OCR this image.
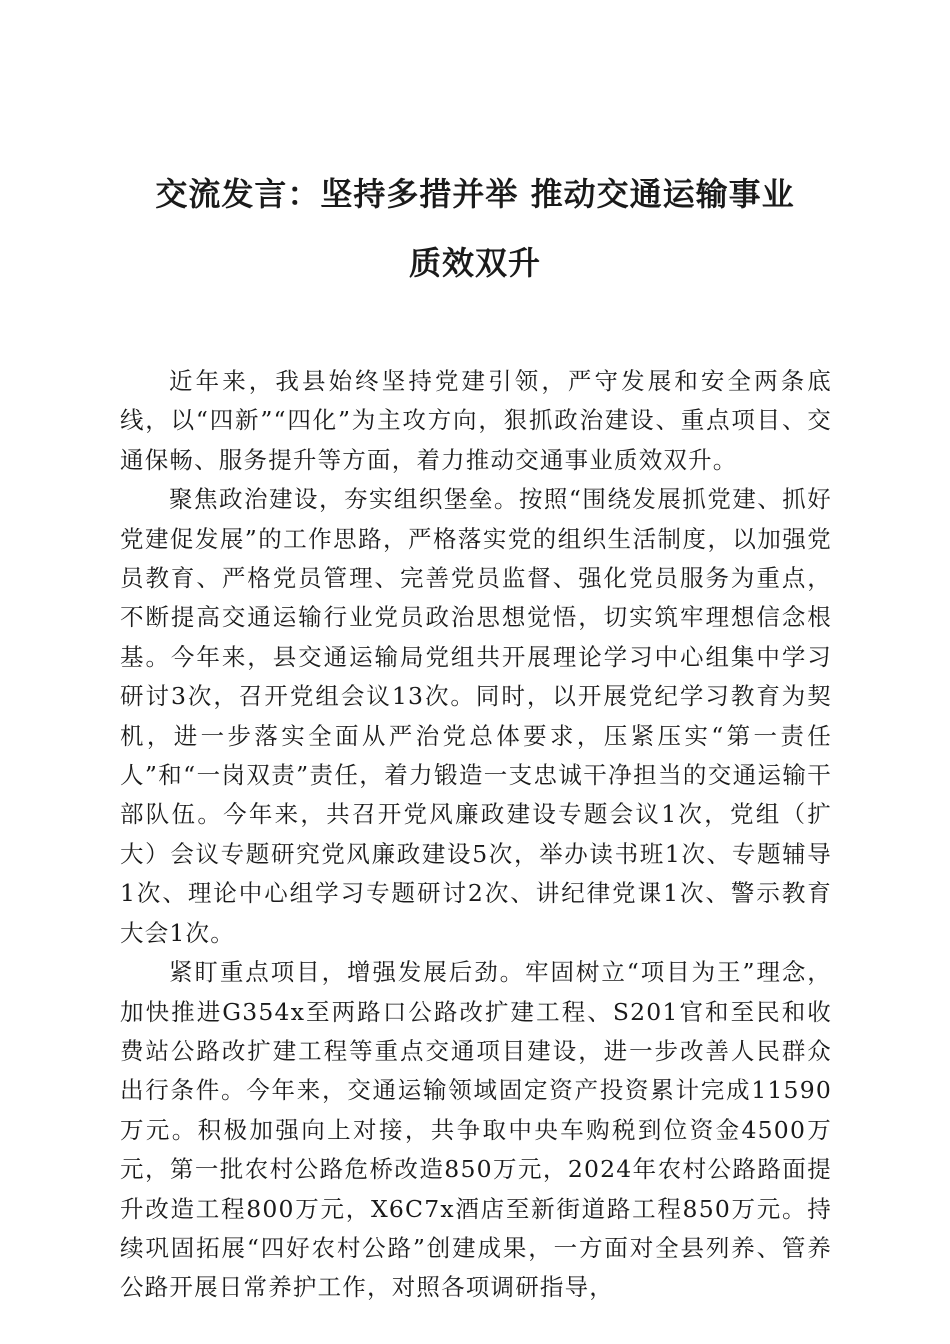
交流发言：坚持多措并举 推动交通运输事业
质效双升

近年来，我县始终坚持党建引领，严守发展和安全两条底线，以“四新”“四化”为主攻方向，狠抓政治建设、重点项目、交通保畅、服务提升等方面，着力推动交通事业质效双升。

聚焦政治建设，夯实组织堡垒。按照“围绕发展抓党建、抓好党建促发展”的工作思路，严格落实党的组织生活制度，以加强党员教育、严格党员管理、完善党员监督、强化党员服务为重点，不断提高交通运输行业党员政治思想觉悟，切实筑牢理想信念根基。今年来，县交通运输局党组共开展理论学习中心组集中学习研讨3次，召开党组会议13次。同时，以开展党纪学习教育为契机，进一步落实全面从严治党总体要求，压紧压实“第一责任人”和“一岗双责”责任，着力锻造一支忠诚干净担当的交通运输干部队伍。今年来，共召开党风廉政建设专题会议1次，党组（扩大）会议专题研究党风廉政建设5次，举办读书班1次、专题辅导1次、理论中心组学习专题研讨2次、讲纪律党课1次、警示教育大会1次。

紧盯重点项目，增强发展后劲。牢固树立“项目为王”理念，加快推进G354x至两路口公路改扩建工程、S201官和至民和收费站公路改扩建工程等重点交通项目建设，进一步改善人民群众出行条件。今年来，交通运输领域固定资产投资累计完成11590万元。积极加强向上对接，共争取中央车购税到位资金4500万元，第一批农村公路危桥改造850万元，2024年农村公路路面提升改造工程800万元，X6C7x酒店至新街道路工程850万元。持续巩固拓展“四好农村公路”创建成果，一方面对全县列养、管养公路开展日常养护工作，对照各项调研指导，
